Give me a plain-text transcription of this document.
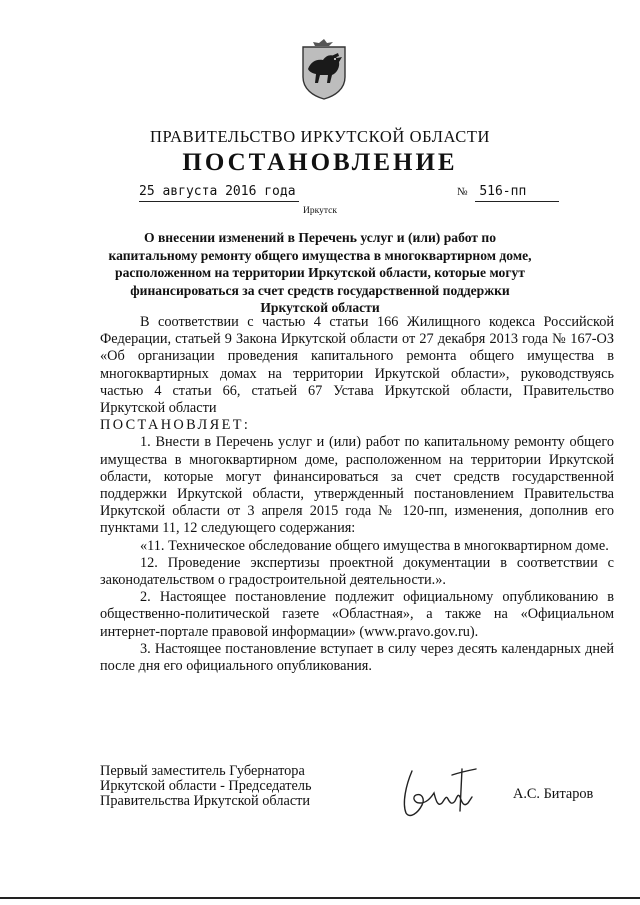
ПРАВИТЕЛЬСТВО ИРКУТСКОЙ ОБЛАСТИ
ПОСТАНОВЛЕНИЕ
25 августа 2016 года	№ 516-пп
Иркутск
О внесении изменений в Перечень услуг и (или) работ по капитальному ремонту общего имущества в многоквартирном доме, расположенном на территории Иркутской области, которые могут финансироваться за счет средств государственной поддержки Иркутской области

В соответствии с частью 4 статьи 166 Жилищного кодекса Российской Федерации, статьей 9 Закона Иркутской области от 27 декабря 2013 года № 167-ОЗ «Об организации проведения капитального ремонта общего имущества в многоквартирных домах на территории Иркутской области», руководствуясь частью 4 статьи 66, статьей 67 Устава Иркутской области, Правительство Иркутской области

ПОСТАНОВЛЯЕТ:

1. Внести в Перечень услуг и (или) работ по капитальному ремонту общего имущества в многоквартирном доме, расположенном на территории Иркутской области, которые могут финансироваться за счет средств государственной поддержки Иркутской области, утвержденный постановлением Правительства Иркутской области от 3 апреля 2015 года № 120-пп, изменения, дополнив его пунктами 11, 12 следующего содержания:

«11. Техническое обследование общего имущества в многоквартирном доме.

12. Проведение экспертизы проектной документации в соответствии с законодательством о градостроительной деятельности.».

2. Настоящее постановление подлежит официальному опубликованию в общественно-политической газете «Областная», а также на «Официальном интернет-портале правовой информации» (www.pravo.gov.ru).

3. Настоящее постановление вступает в силу через десять календарных дней после дня его официального опубликования.

Первый заместитель Губернатора
Иркутской области - Председатель
Правительства Иркутской области	А.С. Битаров
